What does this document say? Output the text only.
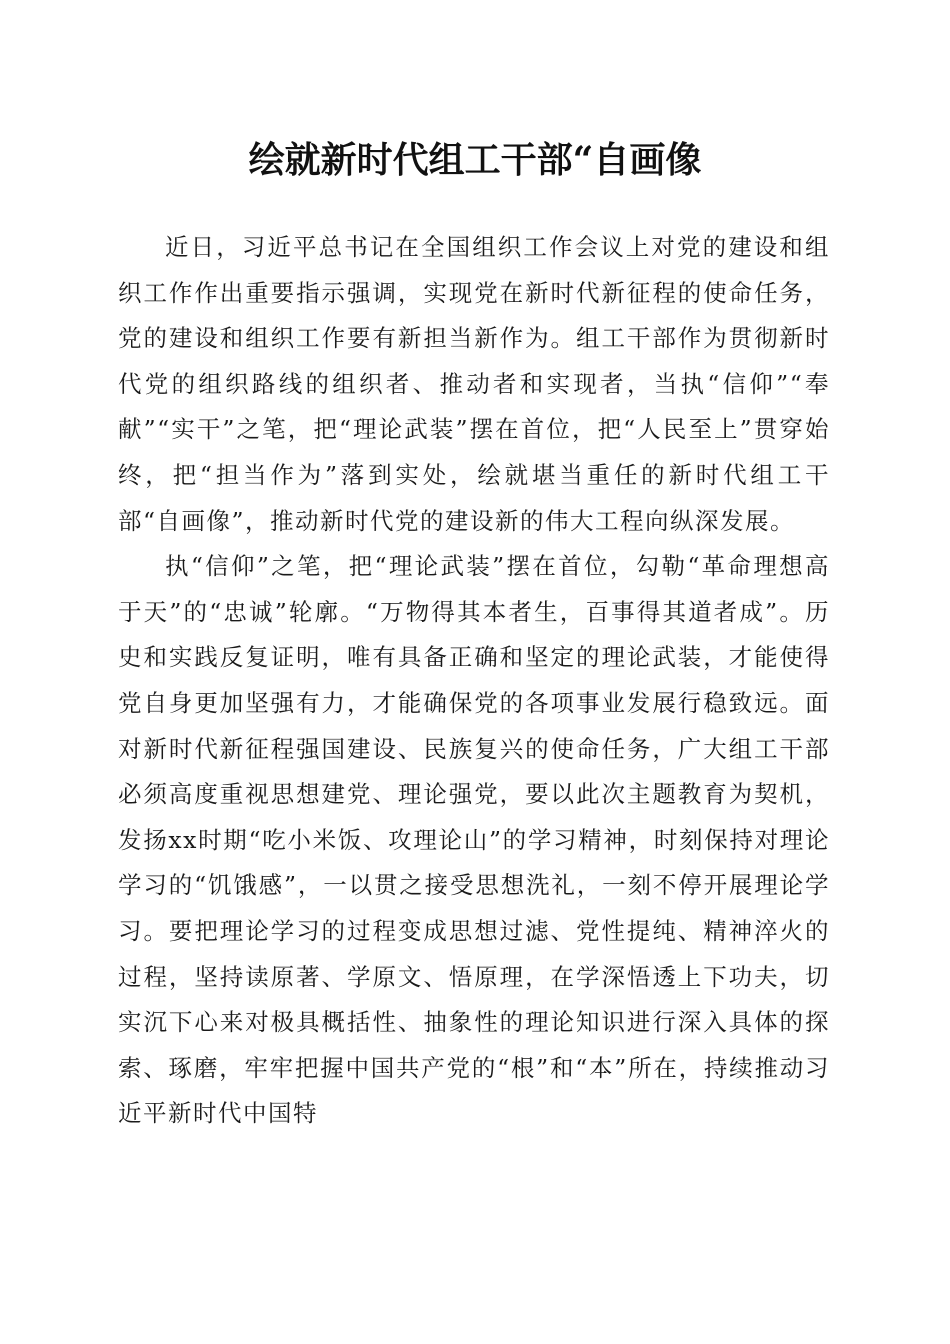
绘就新时代组工干部“自画像

近日，习近平总书记在全国组织工作会议上对党的建设和组织工作作出重要指示强调，实现党在新时代新征程的使命任务，党的建设和组织工作要有新担当新作为。组工干部作为贯彻新时代党的组织路线的组织者、推动者和实现者，当执“信仰”“奉献”“实干”之笔，把“理论武装”摆在首位，把“人民至上”贯穿始终，把“担当作为”落到实处，绘就堪当重任的新时代组工干部“自画像”，推动新时代党的建设新的伟大工程向纵深发展。

执“信仰”之笔，把“理论武装”摆在首位，勾勒“革命理想高于天”的“忠诚”轮廓。“万物得其本者生，百事得其道者成”。历史和实践反复证明，唯有具备正确和坚定的理论武装，才能使得党自身更加坚强有力，才能确保党的各项事业发展行稳致远。面对新时代新征程强国建设、民族复兴的使命任务，广大组工干部必须高度重视思想建党、理论强党，要以此次主题教育为契机，发扬xx时期“吃小米饭、攻理论山”的学习精神，时刻保持对理论学习的“饥饿感”，一以贯之接受思想洗礼，一刻不停开展理论学习。要把理论学习的过程变成思想过滤、党性提纯、精神淬火的过程，坚持读原著、学原文、悟原理，在学深悟透上下功夫，切实沉下心来对极具概括性、抽象性的理论知识进行深入具体的探索、琢磨，牢牢把握中国共产党的“根”和“本”所在，持续推动习近平新时代中国特
